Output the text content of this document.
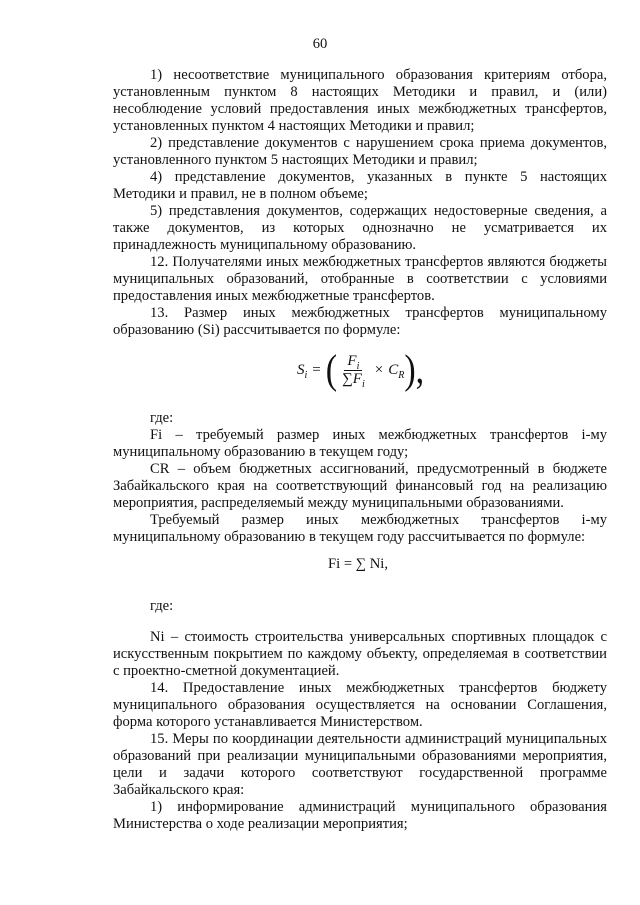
60

1) несоответствие муниципального образования критериям отбора, установленным пунктом 8 настоящих Методики и правил, и (или) несоблюдение условий предоставления иных межбюджетных трансфертов, установленных пунктом 4 настоящих Методики и правил;

2) представление документов с нарушением срока приема документов, установленного пунктом 5 настоящих Методики и правил;

4) представление документов, указанных в пункте 5 настоящих Методики и правил, не в полном объеме;

5) представления документов, содержащих недостоверные сведения, а также документов, из которых однозначно не усматривается их принадлежность муниципальному образованию.

12. Получателями иных межбюджетных трансфертов являются бюджеты муниципальных образований, отобранные в соответствии с условиями предоставления иных межбюджетные трансфертов.

13. Размер иных межбюджетных трансфертов муниципальному образованию (Si) рассчитывается по формуле:

$S_i$ = ( $\frac{F_i}{\sum F_i} \times C_R$ ),

где:

Fi – требуемый размер иных межбюджетных трансфертов i-му муниципальному образованию в текущем году;

CR – объем бюджетных ассигнований, предусмотренный в бюджете Забайкальского края на соответствующий финансовый год на реализацию мероприятия, распределяемый между муниципальными образованиями.

Требуемый размер иных межбюджетных трансфертов i-му муниципальному образованию в текущем году рассчитывается по формуле:

Fi = ∑ Ni,

где:

Ni – стоимость строительства универсальных спортивных площадок с искусственным покрытием по каждому объекту, определяемая в соответствии с проектно-сметной документацией.

14. Предоставление иных межбюджетных трансфертов бюджету муниципального образования осуществляется на основании Соглашения, форма которого устанавливается Министерством.

15. Меры по координации деятельности администраций муниципальных образований при реализации муниципальными образованиями мероприятия, цели и задачи которого соответствуют государственной программе Забайкальского края:

1) информирование администраций муниципального образования Министерства о ходе реализации мероприятия;
